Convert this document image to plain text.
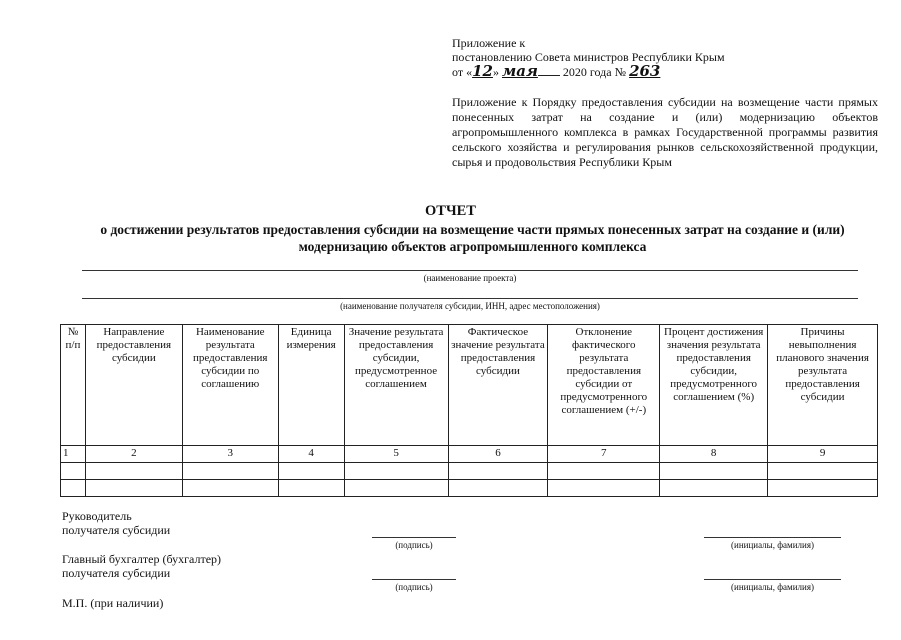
Приложение к
постановлению Совета министров Республики Крым
от «12» мая 2020 года № 263
Приложение к Порядку предоставления субсидии на возмещение части прямых понесенных затрат на создание и (или) модернизацию объектов агропромышленного комплекса в рамках Государственной программы развития сельского хозяйства и регулирования рынков сельскохозяйственной продукции, сырья и продовольствия Республики Крым
ОТЧЕТ
о достижении результатов предоставления субсидии на возмещение части прямых понесенных затрат на создание и (или) модернизацию объектов агропромышленного комплекса
(наименование проекта)
(наименование получателя субсидии, ИНН, адрес местоположения)
№ п/п	Направление предоставления субсидии	Наименование результата предоставления субсидии по соглашению	Единица измерения	Значение результата предоставления субсидии, предусмотренное соглашением	Фактическое значение результата предоставления субсидии	Отклонение фактического результата предоставления субсидии от предусмотренного соглашением (+/-)	Процент достижения значения результата предоставления субсидии, предусмотренного соглашением (%)	Причины невыполнения планового значения результата предоставления субсидии
1	2	3	4	5	6	7	8	9

Руководитель
получателя субсидии
(подпись)	(инициалы, фамилия)
Главный бухгалтер (бухгалтер)
получателя субсидии
(подпись)	(инициалы, фамилия)
М.П. (при наличии)
